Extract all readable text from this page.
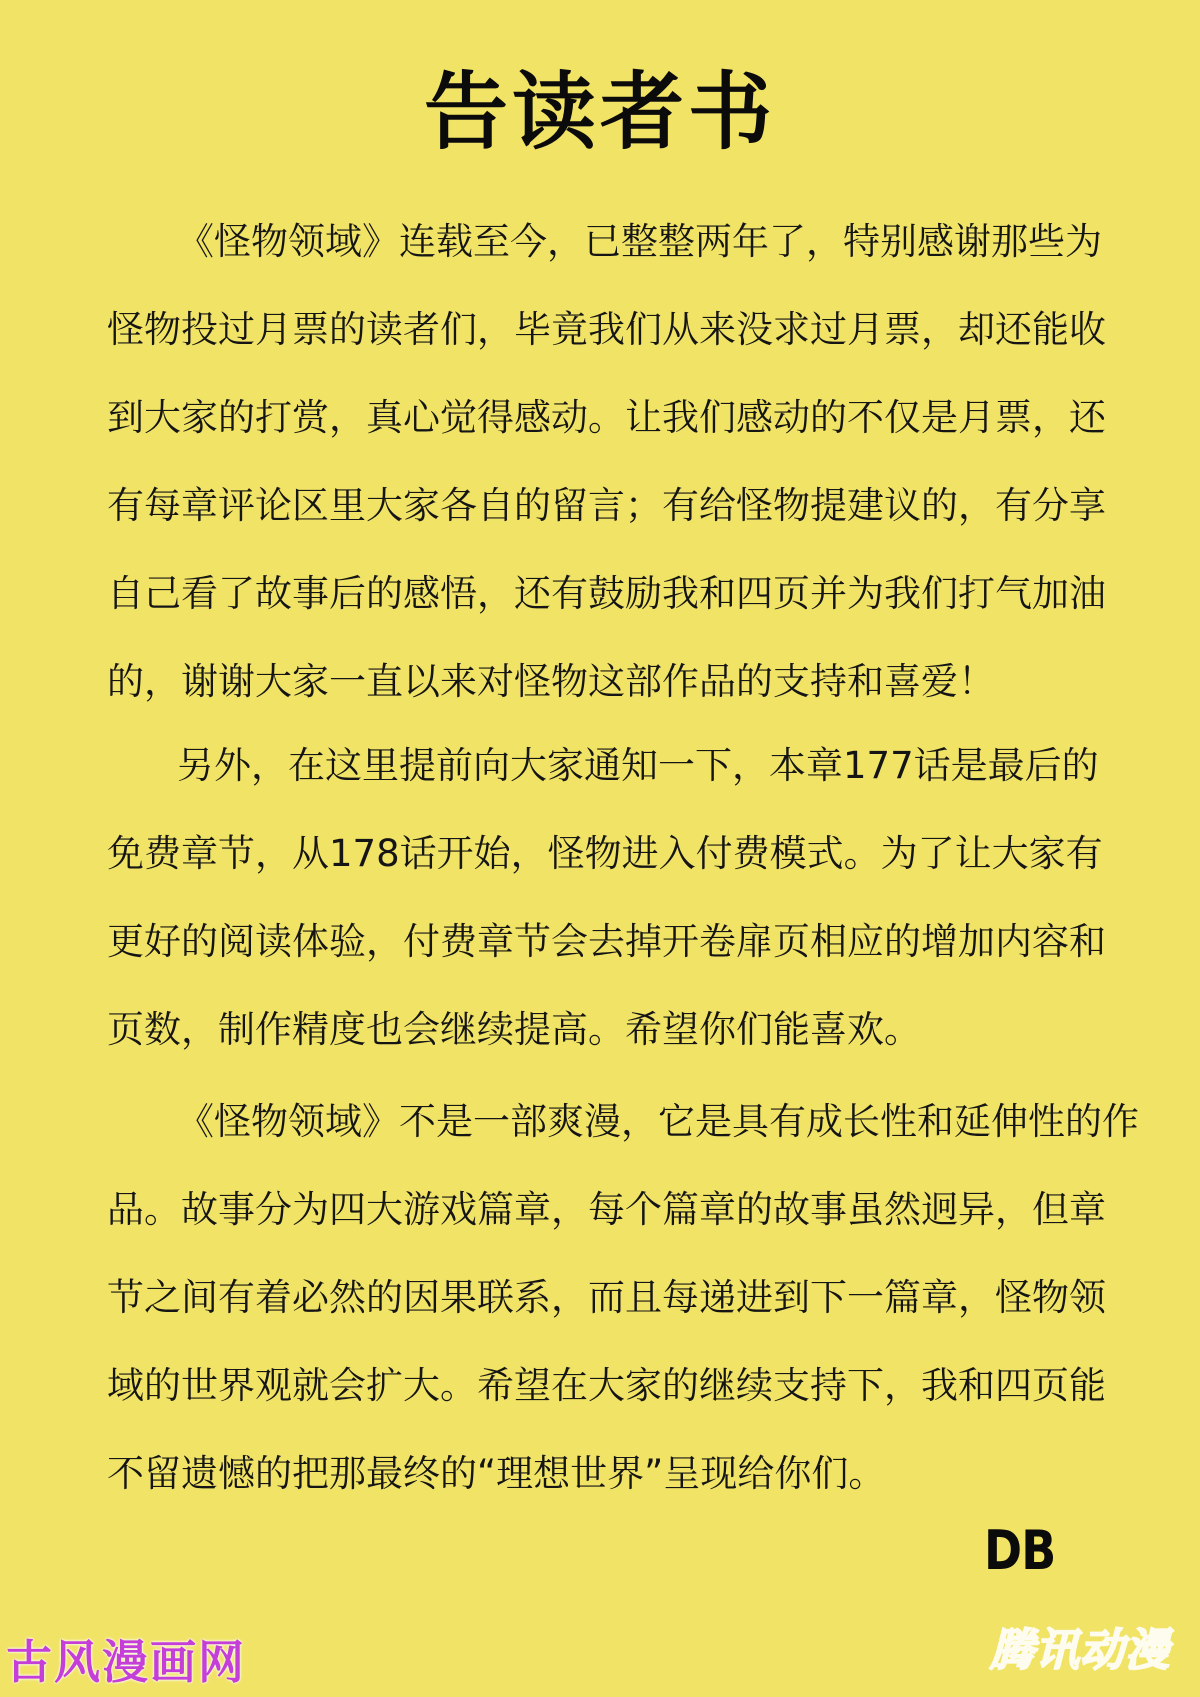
告读者书
《怪物领域》连载至今，已整整两年了，特别感谢那些为
怪物投过月票的读者们，毕竟我们从来没求过月票，却还能收
到大家的打赏，真心觉得感动。让我们感动的不仅是月票，还
有每章评论区里大家各自的留言；有给怪物提建议的，有分享
自己看了故事后的感悟，还有鼓励我和四页并为我们打气加油
的，谢谢大家一直以来对怪物这部作品的支持和喜爱！
另外，在这里提前向大家通知一下，本章177话是最后的
免费章节，从178话开始，怪物进入付费模式。为了让大家有
更好的阅读体验，付费章节会去掉开卷扉页相应的增加内容和
页数，制作精度也会继续提高。希望你们能喜欢。
《怪物领域》不是一部爽漫，它是具有成长性和延伸性的作
品。故事分为四大游戏篇章，每个篇章的故事虽然迥异，但章
节之间有着必然的因果联系，而且每递进到下一篇章，怪物领
域的世界观就会扩大。希望在大家的继续支持下，我和四页能
不留遗憾的把那最终的“理想世界”呈现给你们。
DB
古风漫画网	腾讯动漫
